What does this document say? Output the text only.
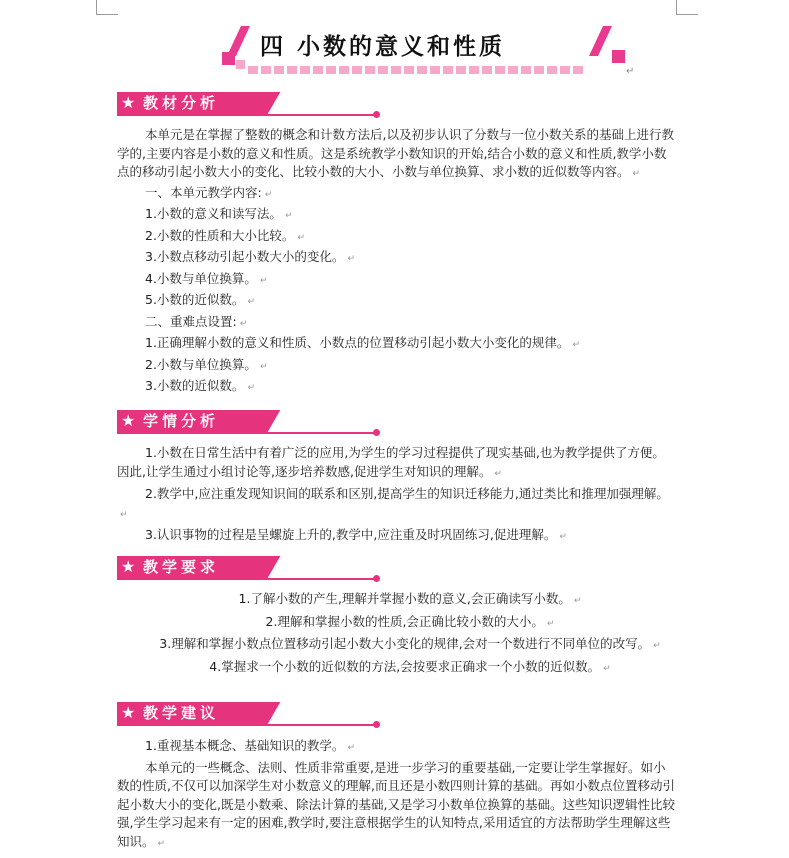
四 小数的意义和性质
↵
★ 教材分析

本单元是在掌握了整数的概念和计数方法后,以及初步认识了分数与一位小数关系的基础上进行教学的,主要内容是小数的意义和性质。这是系统教学小数知识的开始,结合小数的意义和性质,教学小数点的移动引起小数大小的变化、比较小数的大小、小数与单位换算、求小数的近似数等内容。 ↵

一、本单元教学内容: ↵

1.小数的意义和读写法。 ↵

2.小数的性质和大小比较。 ↵

3.小数点移动引起小数大小的变化。 ↵

4.小数与单位换算。 ↵

5.小数的近似数。 ↵

二、重难点设置: ↵

1.正确理解小数的意义和性质、小数点的位置移动引起小数大小变化的规律。 ↵

2.小数与单位换算。 ↵

3.小数的近似数。 ↵

★ 学情分析

1.小数在日常生活中有着广泛的应用,为学生的学习过程提供了现实基础,也为教学提供了方便。因此,让学生通过小组讨论等,逐步培养数感,促进学生对知识的理解。 ↵

2.教学中,应注重发现知识间的联系和区别,提高学生的知识迁移能力,通过类比和推理加强理解。 ↵

3.认识事物的过程是呈螺旋上升的,教学中,应注重及时巩固练习,促进理解。 ↵

★ 教学要求

1.了解小数的产生,理解并掌握小数的意义,会正确读写小数。 ↵

2.理解和掌握小数的性质,会正确比较小数的大小。 ↵

3.理解和掌握小数点位置移动引起小数大小变化的规律,会对一个数进行不同单位的改写。 ↵

4.掌握求一个小数的近似数的方法,会按要求正确求一个小数的近似数。 ↵

★ 教学建议

1.重视基本概念、基础知识的教学。 ↵

本单元的一些概念、法则、性质非常重要,是进一步学习的重要基础,一定要让学生掌握好。如小数的性质,不仅可以加深学生对小数意义的理解,而且还是小数四则计算的基础。再如小数点位置移动引起小数大小的变化,既是小数乘、除法计算的基础,又是学习小数单位换算的基础。这些知识逻辑性比较强,学生学习起来有一定的困难,教学时,要注意根据学生的认知特点,采用适宜的方法帮助学生理解这些知识。 ↵
